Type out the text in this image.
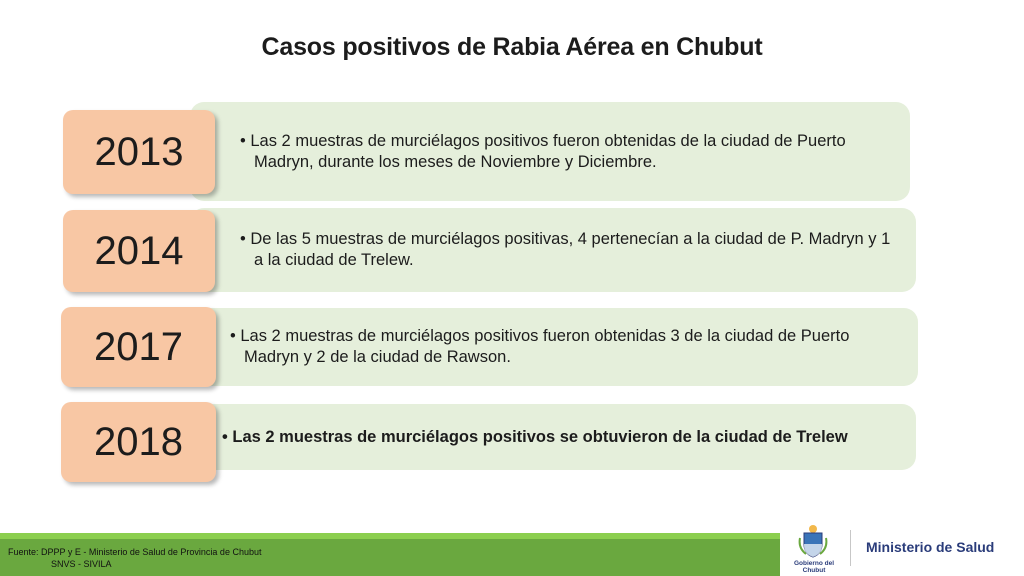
Casos positivos de Rabia Aérea en Chubut
• Las 2 muestras de murciélagos positivos fueron obtenidas de la ciudad de Puerto Madryn, durante los meses de Noviembre y Diciembre.
2013
• De las 5 muestras de murciélagos positivas, 4 pertenecían a la ciudad de P. Madryn y 1 a la ciudad de Trelew.
2014
• Las 2 muestras de murciélagos positivos fueron obtenidas 3 de la ciudad de Puerto Madryn y 2 de la ciudad de Rawson.
2017
• Las 2 muestras de murciélagos positivos se obtuvieron de la ciudad de Trelew
2018
Fuente: DPPP y E - Ministerio de Salud de Provincia de Chubut
SNVS - SIVILA	Gobierno del Chubut
Ministerio de Salud
